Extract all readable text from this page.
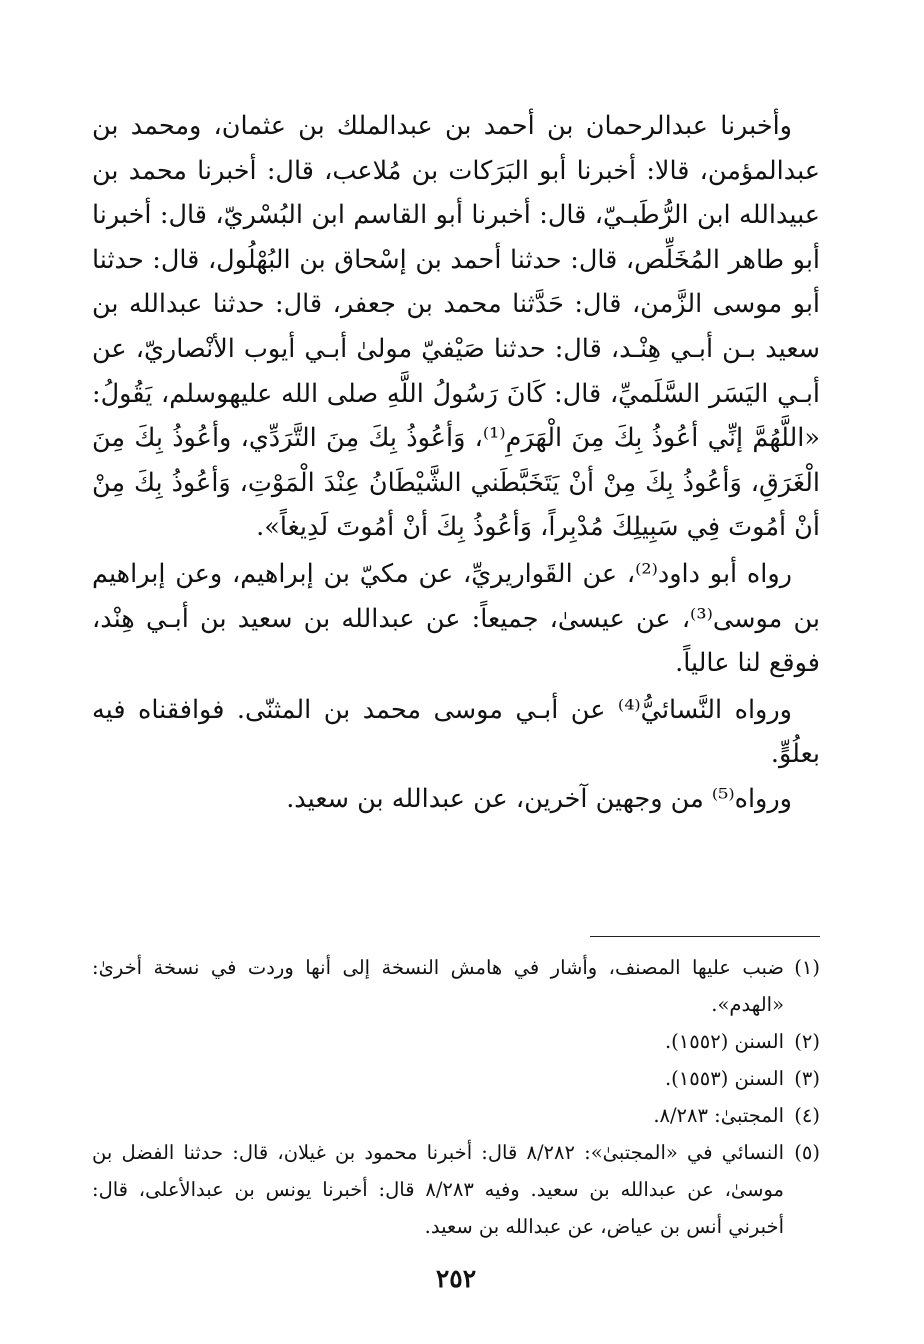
وأخبرنا عبدالرحمان بن أحمد بن عبدالملك بن عثمان، ومحمد بن عبدالمؤمن، قالا: أخبرنا أبو البَرَكات بن مُلاعب، قال: أخبرنا محمد بن عبيدالله ابن الرُّطَبـيّ، قال: أخبرنا أبو القاسم ابن البُسْريّ، قال: أخبرنا أبو طاهر المُخَلِّص، قال: حدثنا أحمد بن إسْحاق بن البُهْلُول، قال: حدثنا أبو موسى الزَّمن، قال: حَدَّثنا محمد بن جعفر، قال: حدثنا عبدالله بن سعيد بـن أبـي هِنْـد، قال: حدثنا صَيْفيّ مولىٰ أبـي أيوب الأنْصاريّ، عن أبـي اليَسَر السَّلَميِّ، قال: كَانَ رَسُولُ اللَّهِ صلى الله عليهوسلم، يَقُولُ: «اللَّهُمَّ إنِّي أعُوذُ بِكَ مِنَ الْهَرَمِ⁽¹⁾، وَأعُوذُ بِكَ مِنَ التَّرَدِّي، وأعُوذُ بِكَ مِنَ الْغَرَقِ، وَأعُوذُ بِكَ مِنْ أنْ يَتَخَبَّطَني الشَّيْطَانُ عِنْدَ الْمَوْتِ، وَأعُوذُ بِكَ مِنْ أنْ أمُوتَ فِي سَبِيلِكَ مُدْبِراً، وَأعُوذُ بِكَ أنْ أمُوتَ لَدِيغاً».

رواه أبو داود⁽²⁾، عن القَواريريِّ، عن مكيّ بن إبراهيم، وعن إبراهيم بن موسى⁽³⁾، عن عيسىٰ، جميعاً: عن عبدالله بن سعيد بن أبـي هِنْد، فوقع لنا عالياً.

ورواه النَّسائيُّ⁽⁴⁾ عن أبـي موسى محمد بن المثنّى. فوافقناه فيه بعلُوٍّ.

ورواه⁽⁵⁾ من وجهين آخرين، عن عبدالله بن سعيد.

(١)
ضبب عليها المصنف، وأشار في هامش النسخة إلى أنها وردت في نسخة أخرىٰ: «الهدم».

(٢)
السنن (١٥٥٢).

(٣)
السنن (١٥٥٣).

(٤)
المجتبىٰ: ٨/٢٨٣.

(٥)
النسائي في «المجتبىٰ»: ٨/٢٨٢ قال: أخبرنا محمود بن غيلان، قال: حدثنا الفضل بن موسىٰ، عن عبدالله بن سعيد. وفيه ٨/٢٨٣ قال: أخبرنا يونس بن عبدالأعلى، قال: أخبرني أنس بن عياض، عن عبدالله بن سعيد.

٢٥٢
